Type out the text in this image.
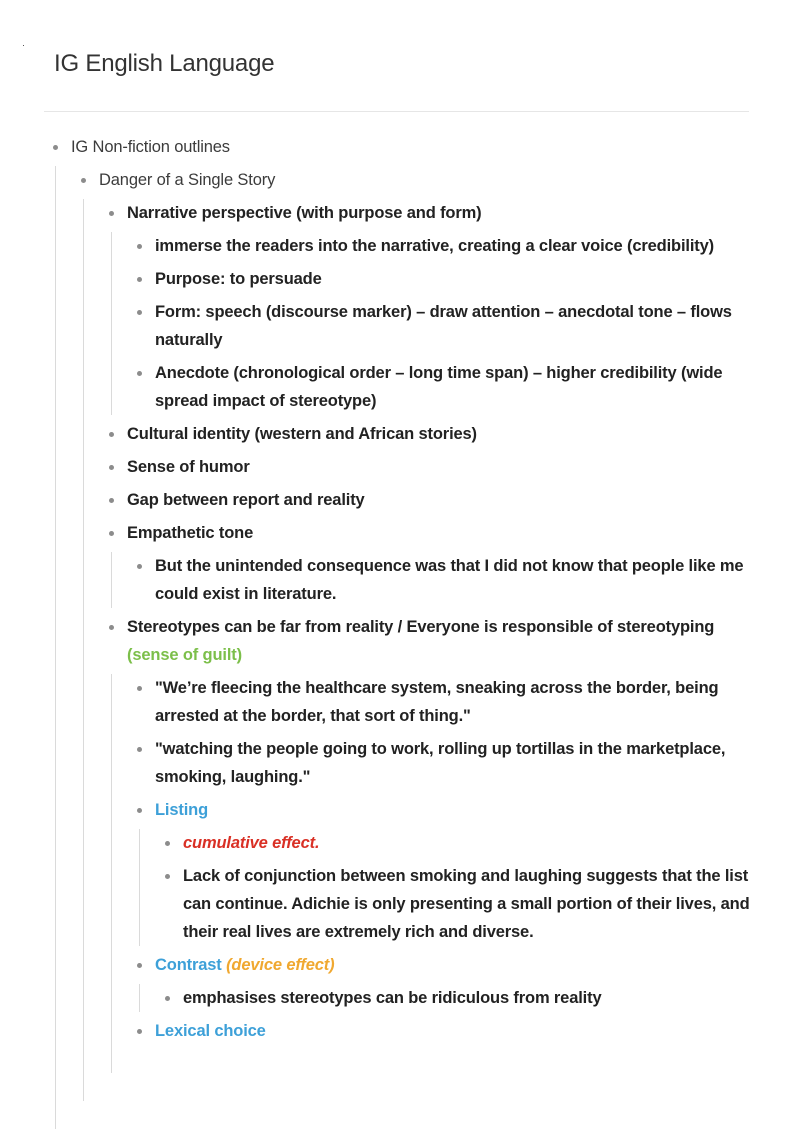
IG English Language
IG Non-fiction outlines
Danger of a Single Story
Narrative perspective (with purpose and form)
immerse the readers into the narrative, creating a clear voice (credibility)
Purpose: to persuade
Form: speech (discourse marker) – draw attention – anecdotal tone – flows naturally
Anecdote (chronological order – long time span) – higher credibility (wide spread impact of stereotype)
Cultural identity (western and African stories)
Sense of humor
Gap between report and reality
Empathetic tone
But the unintended consequence was that I did not know that people like me could exist in literature.
Stereotypes can be far from reality / Everyone is responsible of stereotyping (sense of guilt)
"We’re fleecing the healthcare system, sneaking across the border, being arrested at the border, that sort of thing."
"watching the people going to work, rolling up tortillas in the marketplace, smoking, laughing."
Listing
cumulative effect.
Lack of conjunction between smoking and laughing suggests that the list can continue. Adichie is only presenting a small portion of their lives, and their real lives are extremely rich and diverse.
Contrast (device effect)
emphasises stereotypes can be ridiculous from reality
Lexical choice
